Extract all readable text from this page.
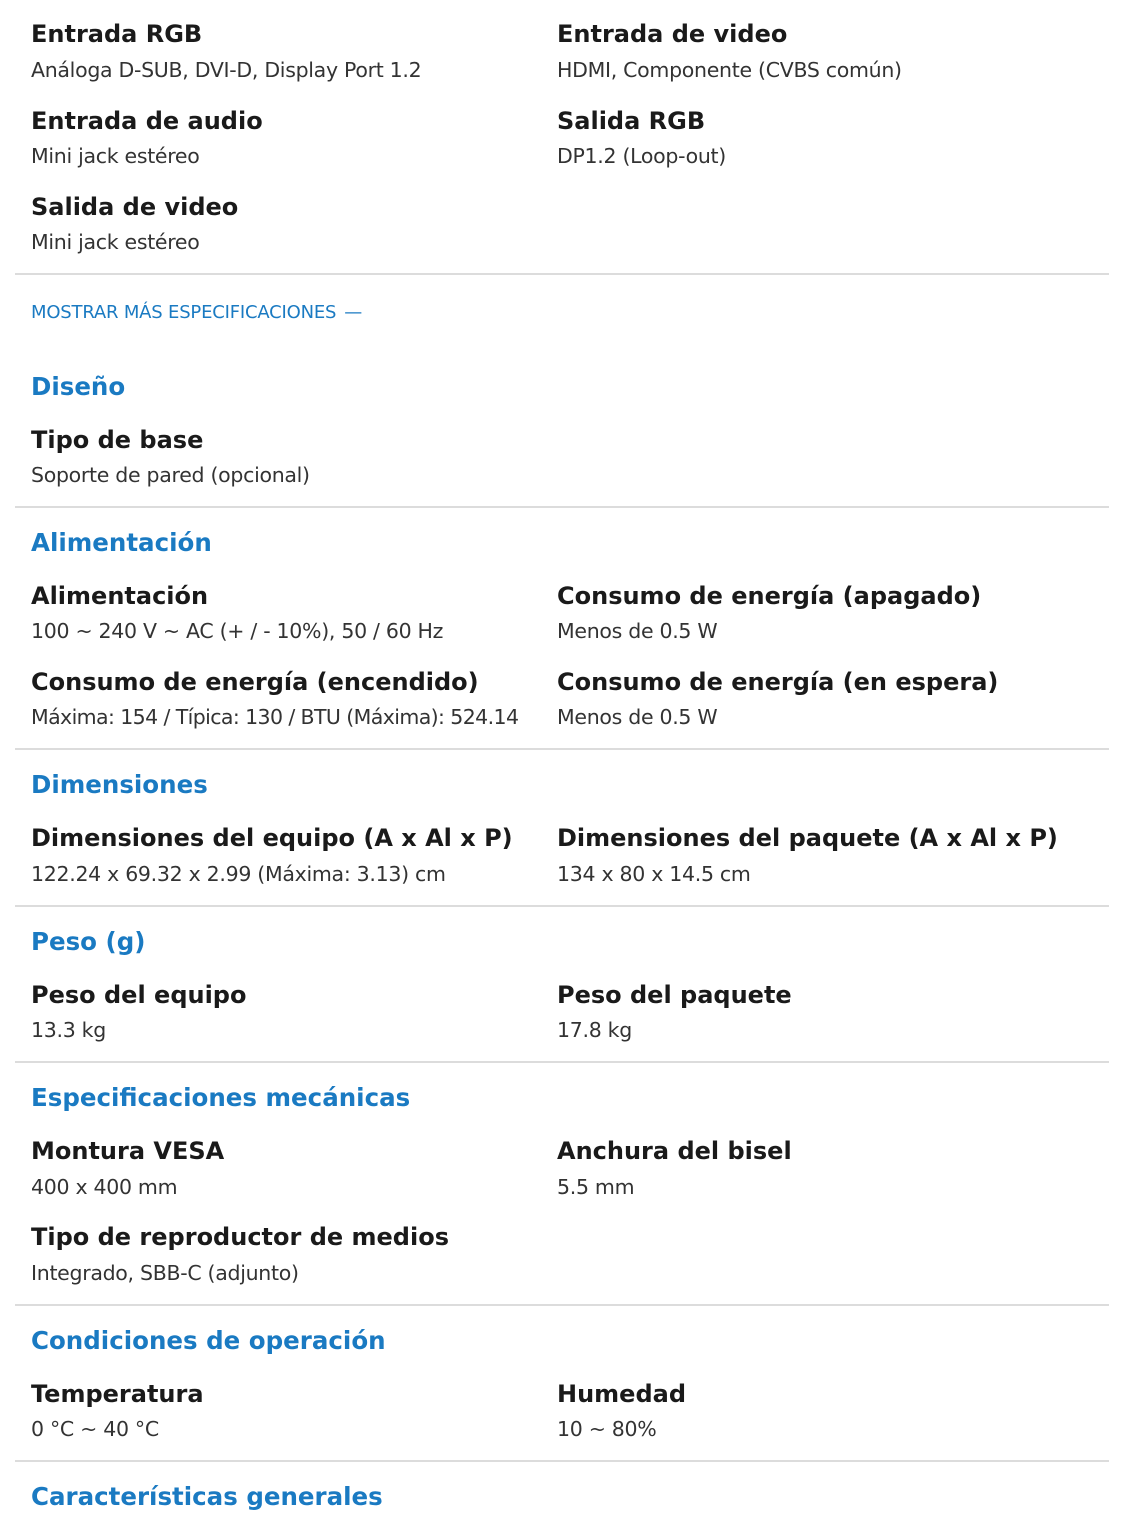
Entrada RGB
Análoga D-SUB, DVI-D, Display Port 1.2
Entrada de video
HDMI, Componente (CVBS común)
Entrada de audio
Mini jack estéreo
Salida RGB
DP1.2 (Loop-out)
Salida de video
Mini jack estéreo
MOSTRAR MÁS ESPECIFICACIONES —
Diseño
Tipo de base
Soporte de pared (opcional)
Alimentación
Alimentación
100 ~ 240 V ~ AC (+ / - 10%), 50 / 60 Hz
Consumo de energía (apagado)
Menos de 0.5 W
Consumo de energía (encendido)
Máxima: 154 / Típica: 130 / BTU (Máxima): 524.14
Consumo de energía (en espera)
Menos de 0.5 W
Dimensiones
Dimensiones del equipo (A x Al x P)
122.24 x 69.32 x 2.99 (Máxima: 3.13) cm
Dimensiones del paquete (A x Al x P)
134 x 80 x 14.5 cm
Peso (g)
Peso del equipo
13.3 kg
Peso del paquete
17.8 kg
Especificaciones mecánicas
Montura VESA
400 x 400 mm
Anchura del bisel
5.5 mm
Tipo de reproductor de medios
Integrado, SBB-C (adjunto)
Condiciones de operación
Temperatura
0 °C ~ 40 °C
Humedad
10 ~ 80%
Características generales
